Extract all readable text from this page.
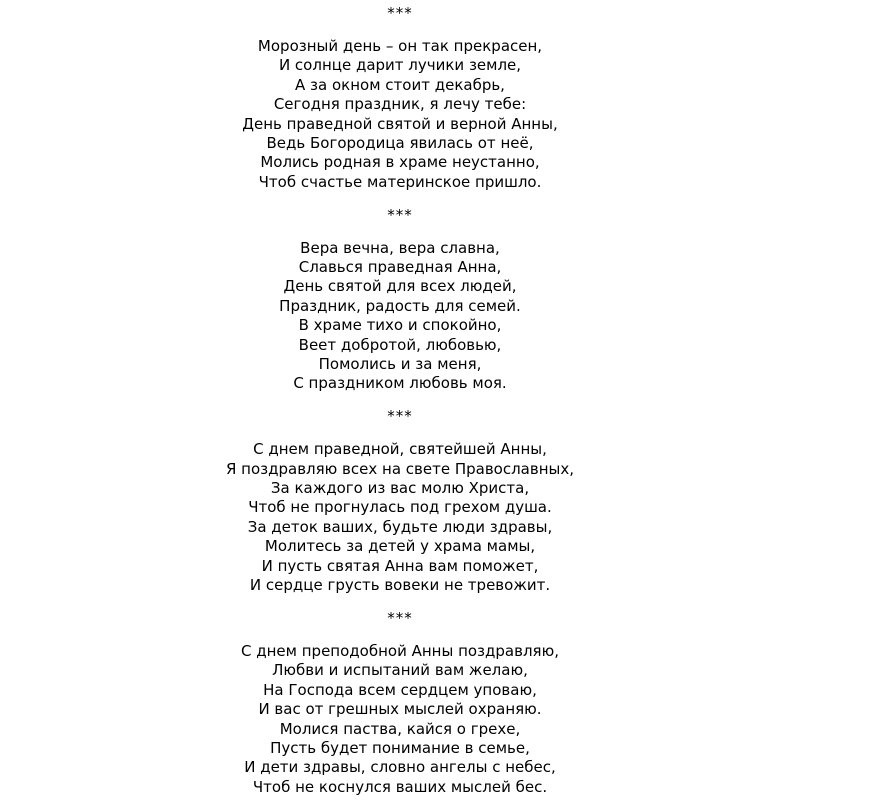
***
Морозный день – он так прекрасен,
И солнце дарит лучики земле,
А за окном стоит декабрь,
Сегодня праздник, я лечу тебе:
День праведной святой и верной Анны,
Ведь Богородица явилась от неё,
Молись родная в храме неустанно,
Чтоб счастье материнское пришло.
***
Вера вечна, вера славна,
Славься праведная Анна,
День святой для всех людей,
Праздник, радость для семей.
В храме тихо и спокойно,
Веет добротой, любовью,
Помолись и за меня,
С праздником любовь моя.
***
С днем праведной, святейшей Анны,
Я поздравляю всех на свете Православных,
За каждого из вас молю Христа,
Чтоб не прогнулась под грехом душа.
За деток ваших, будьте люди здравы,
Молитесь за детей у храма мамы,
И пусть святая Анна вам поможет,
И сердце грусть вовеки не тревожит.
***
С днем преподобной Анны поздравляю,
Любви и испытаний вам желаю,
На Господа всем сердцем уповаю,
И вас от грешных мыслей охраняю.
Молися паства, кайся о грехе,
Пусть будет понимание в семье,
И дети здравы, словно ангелы с небес,
Чтоб не коснулся ваших мыслей бес.
